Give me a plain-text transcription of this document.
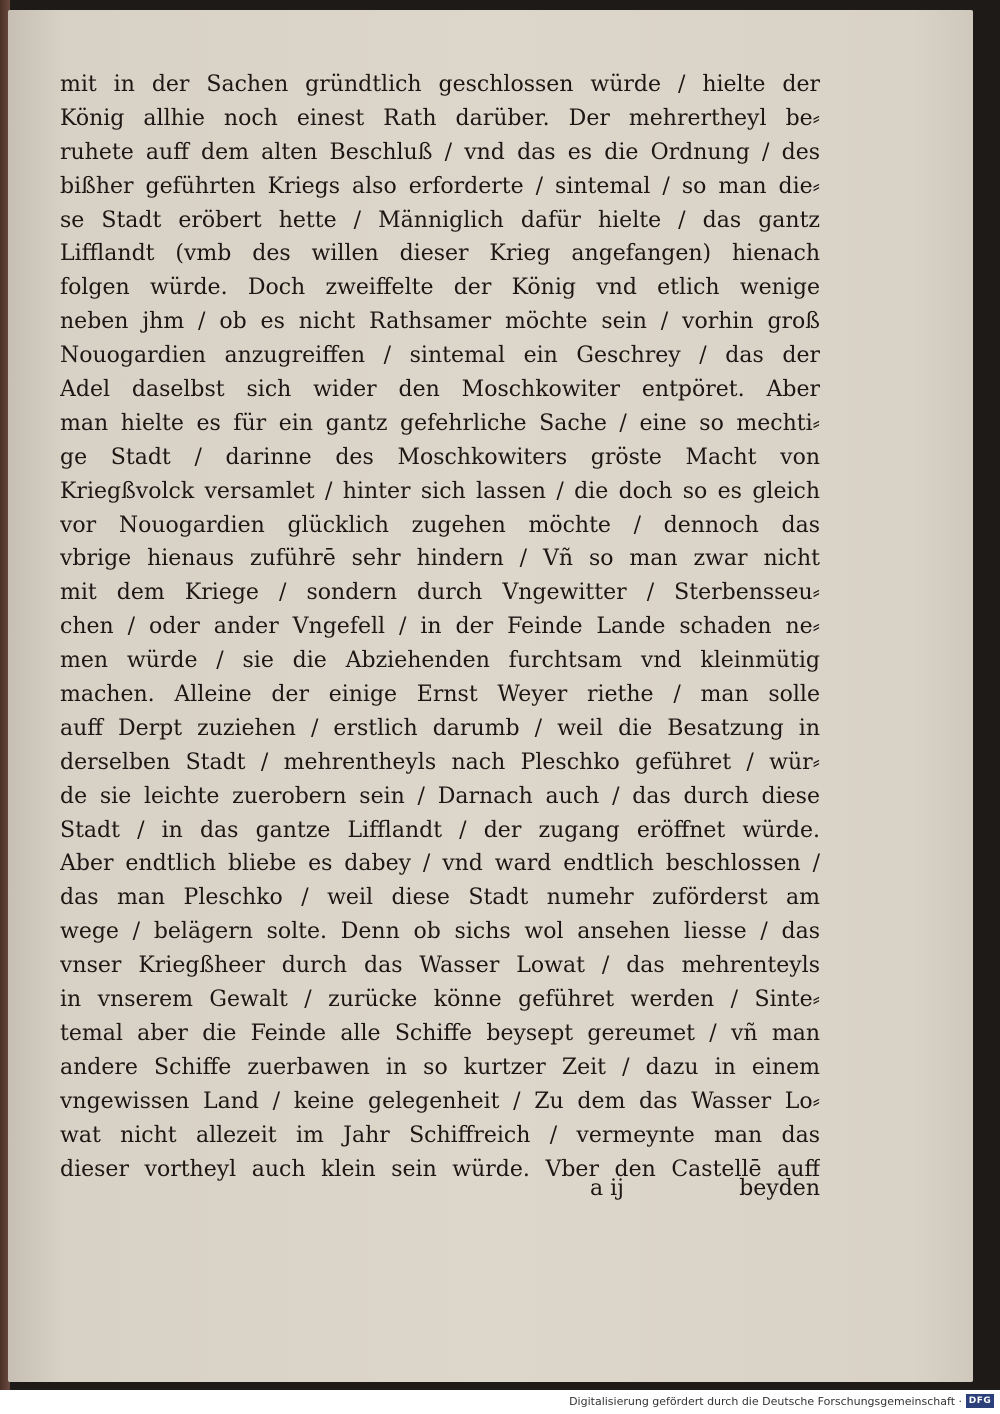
mit in der Sachen gründtlich geschlossen würde / hielte der
König allhie noch einest Rath darüber. Der mehrertheyl be⸗
ruhete auff dem alten Beschluß / vnd das es die Ordnung / des
bißher geführten Kriegs also erforderte / sintemal / so man die⸗
se Stadt eröbert hette / Männiglich dafür hielte / das gantz
Lifflandt (vmb des willen dieser Krieg angefangen) hienach
folgen würde. Doch zweiffelte der König vnd etlich wenige
neben jhm / ob es nicht Rathsamer möchte sein / vorhin groß
Nouogardien anzugreiffen / sintemal ein Geschrey / das der
Adel daselbst sich wider den Moschkowiter entpöret. Aber
man hielte es für ein gantz gefehrliche Sache / eine so mechti⸗
ge Stadt / darinne des Moschkowiters gröste Macht von
Kriegßvolck versamlet / hinter sich lassen / die doch so es gleich
vor Nouogardien glücklich zugehen möchte / dennoch das
vbrige hienaus zuführē sehr hindern / Vñ so man zwar nicht
mit dem Kriege / sondern durch Vngewitter / Sterbensseu⸗
chen / oder ander Vngefell / in der Feinde Lande schaden ne⸗
men würde / sie die Abziehenden furchtsam vnd kleinmütig
machen. Alleine der einige Ernst Weyer riethe / man solle
auff Derpt zuziehen / erstlich darumb / weil die Besatzung in
derselben Stadt / mehrentheyls nach Pleschko geführet / wür⸗
de sie leichte zuerobern sein / Darnach auch / das durch diese
Stadt / in das gantze Lifflandt / der zugang eröffnet würde.
Aber endtlich bliebe es dabey / vnd ward endtlich beschlossen /
das man Pleschko / weil diese Stadt numehr zuförderst am
wege / belägern solte. Denn ob sichs wol ansehen liesse / das
vnser Kriegßheer durch das Wasser Lowat / das mehrenteyls
in vnserem Gewalt / zurücke könne geführet werden / Sinte⸗
temal aber die Feinde alle Schiffe beysept gereumet / vñ man
andere Schiffe zuerbawen in so kurtzer Zeit / dazu in einem
vngewissen Land / keine gelegenheit / Zu dem das Wasser Lo⸗
wat nicht allezeit im Jahr Schiffreich / vermeynte man das
dieser vortheyl auch klein sein würde. Vber den Castellē auff
a ij	beyden
Digitalisierung gefördert durch die Deutsche Forschungsgemeinschaft · DFG
